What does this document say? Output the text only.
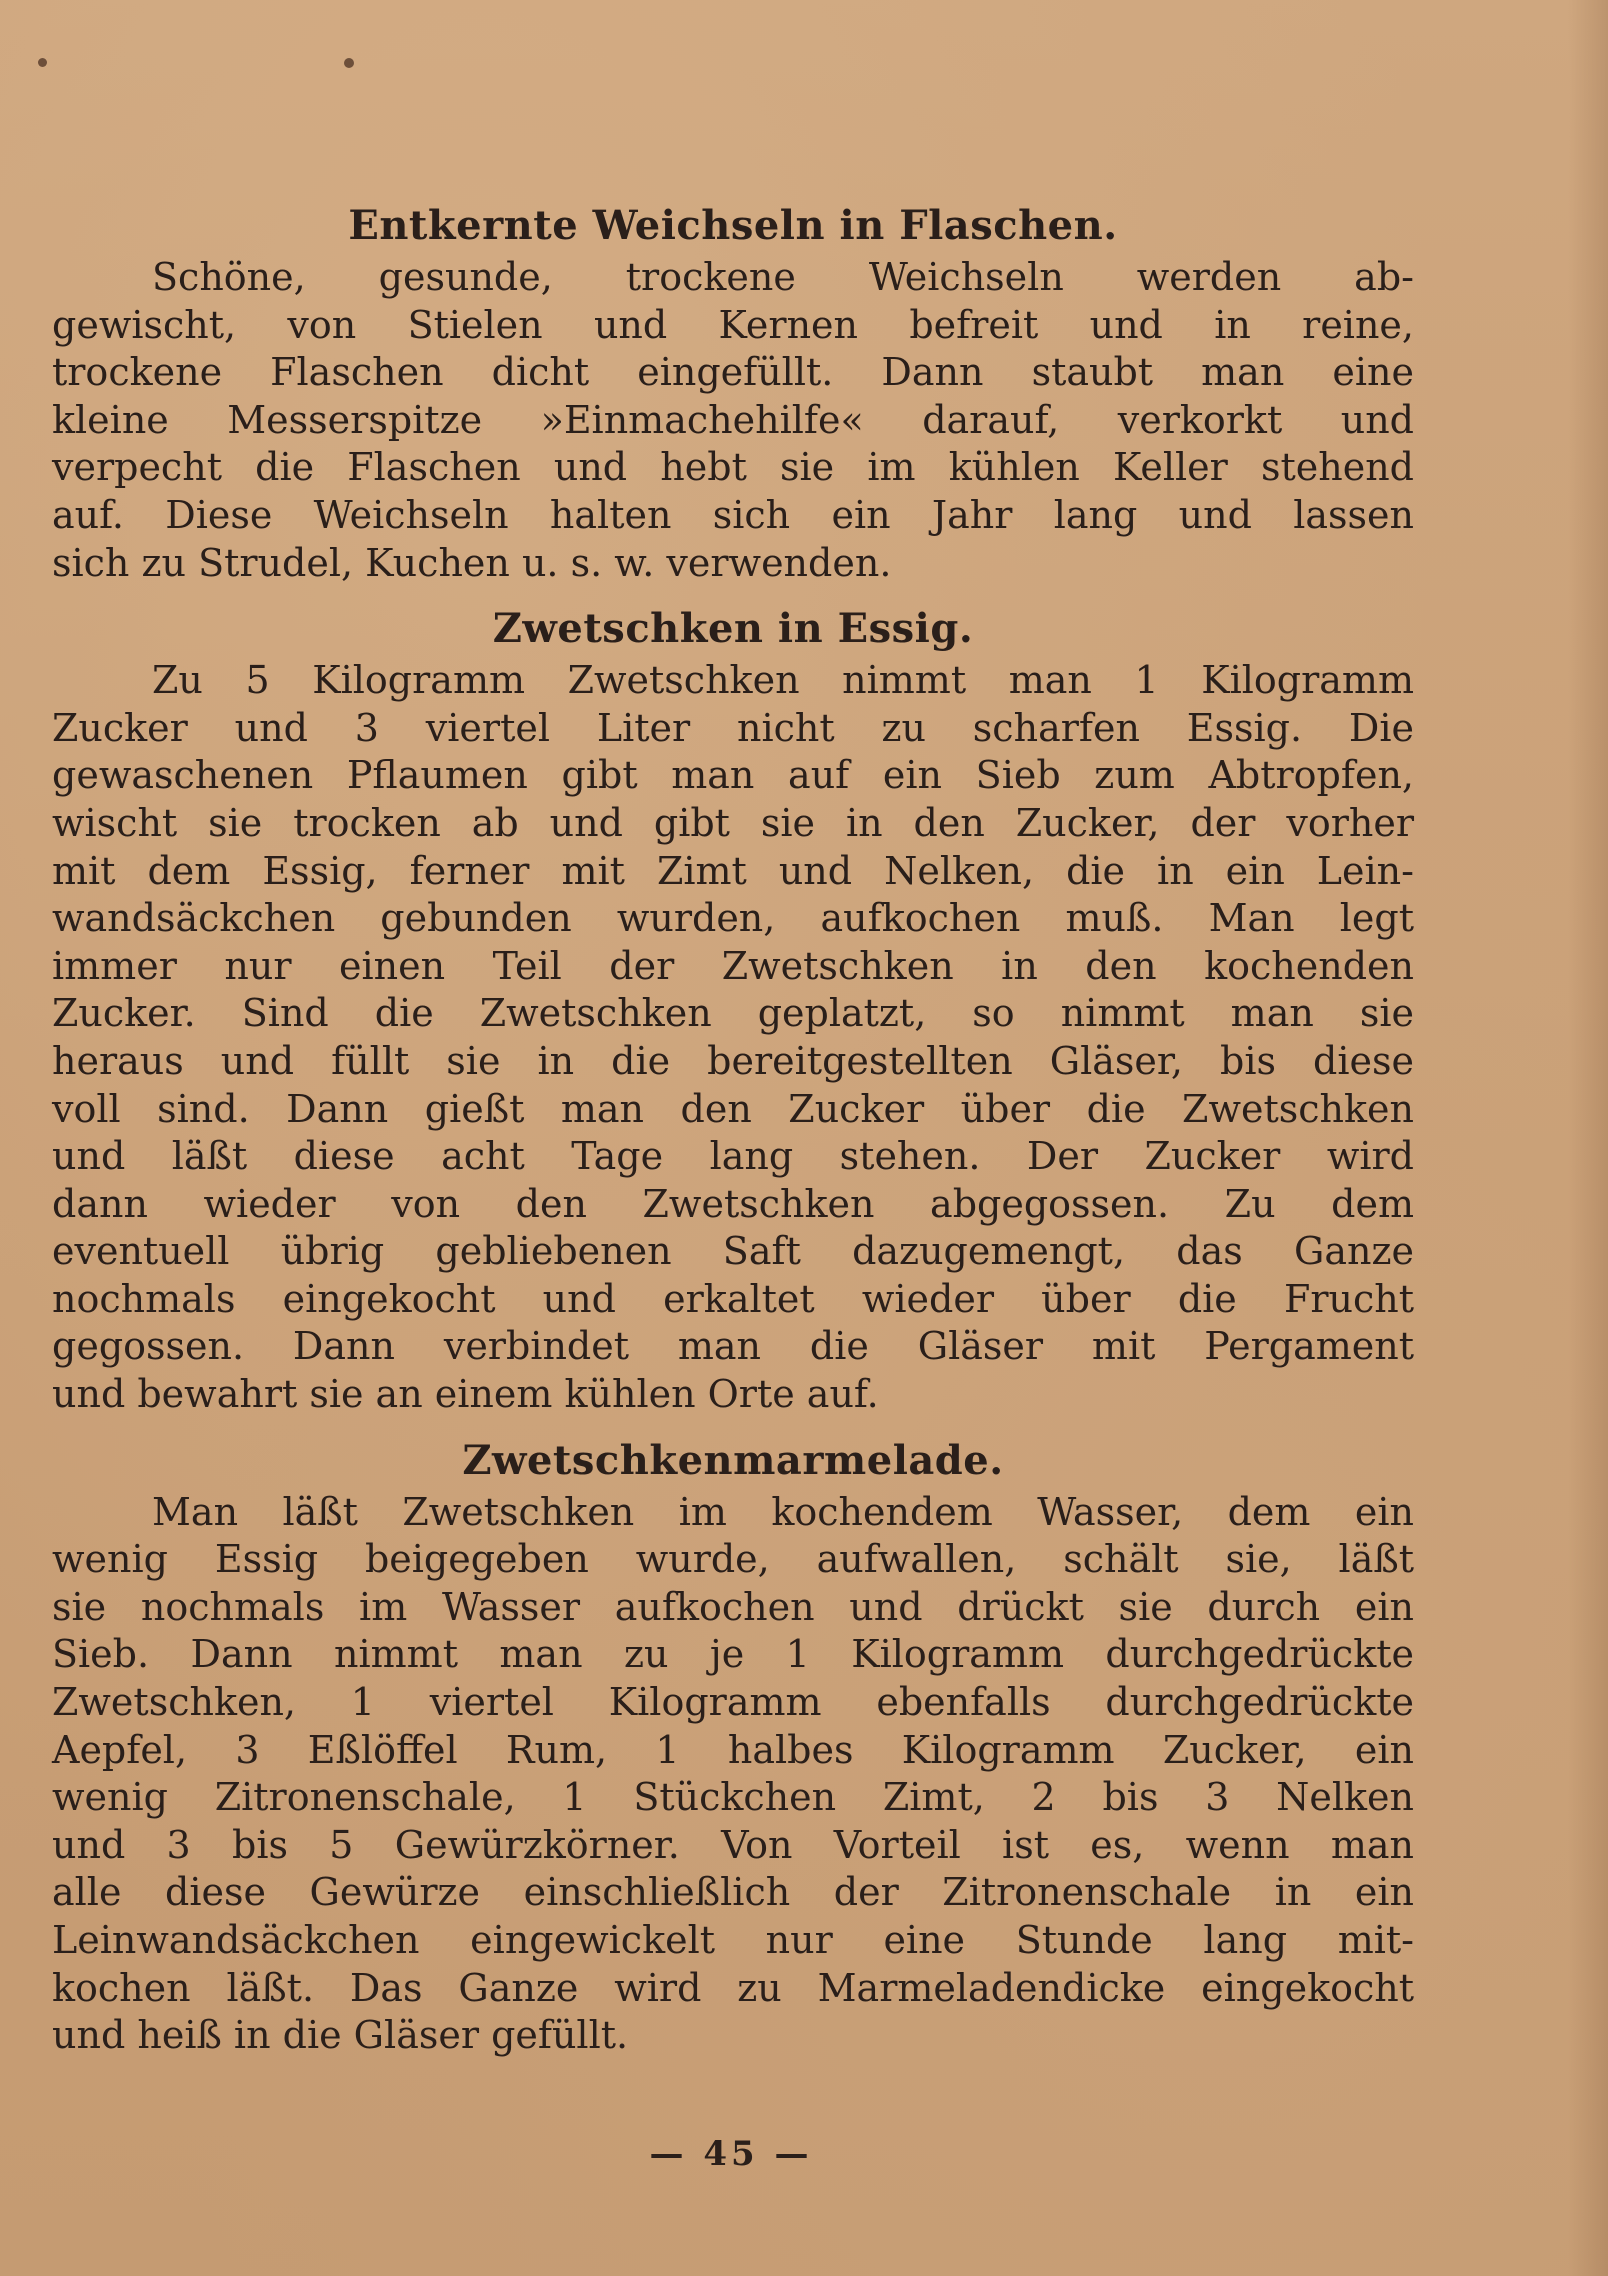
Entkernte Weichseln in Flaschen.
Schöne, gesunde, trockene Weichseln werden ab-
gewischt, von Stielen und Kernen befreit und in reine,
trockene Flaschen dicht eingefüllt. Dann staubt man eine
kleine Messerspitze »Einmachehilfe« darauf, verkorkt und
verpecht die Flaschen und hebt sie im kühlen Keller stehend
auf. Diese Weichseln halten sich ein Jahr lang und lassen
sich zu Strudel, Kuchen u. s. w. verwenden.
Zwetschken in Essig.
Zu 5 Kilogramm Zwetschken nimmt man 1 Kilogramm
Zucker und 3 viertel Liter nicht zu scharfen Essig. Die
gewaschenen Pflaumen gibt man auf ein Sieb zum Abtropfen,
wischt sie trocken ab und gibt sie in den Zucker, der vorher
mit dem Essig, ferner mit Zimt und Nelken, die in ein Lein-
wandsäckchen gebunden wurden, aufkochen muß. Man legt
immer nur einen Teil der Zwetschken in den kochenden
Zucker. Sind die Zwetschken geplatzt, so nimmt man sie
heraus und füllt sie in die bereitgestellten Gläser, bis diese
voll sind. Dann gießt man den Zucker über die Zwetschken
und läßt diese acht Tage lang stehen. Der Zucker wird
dann wieder von den Zwetschken abgegossen. Zu dem
eventuell übrig gebliebenen Saft dazugemengt, das Ganze
nochmals eingekocht und erkaltet wieder über die Frucht
gegossen. Dann verbindet man die Gläser mit Pergament
und bewahrt sie an einem kühlen Orte auf.
Zwetschkenmarmelade.
Man läßt Zwetschken im kochendem Wasser, dem ein
wenig Essig beigegeben wurde, aufwallen, schält sie, läßt
sie nochmals im Wasser aufkochen und drückt sie durch ein
Sieb. Dann nimmt man zu je 1 Kilogramm durchgedrückte
Zwetschken, 1 viertel Kilogramm ebenfalls durchgedrückte
Aepfel, 3 Eßlöffel Rum, 1 halbes Kilogramm Zucker, ein
wenig Zitronenschale, 1 Stückchen Zimt, 2 bis 3 Nelken
und 3 bis 5 Gewürzkörner. Von Vorteil ist es, wenn man
alle diese Gewürze einschließlich der Zitronenschale in ein
Leinwandsäckchen eingewickelt nur eine Stunde lang mit-
kochen läßt. Das Ganze wird zu Marmeladendicke eingekocht
und heiß in die Gläser gefüllt.
— 45 —
